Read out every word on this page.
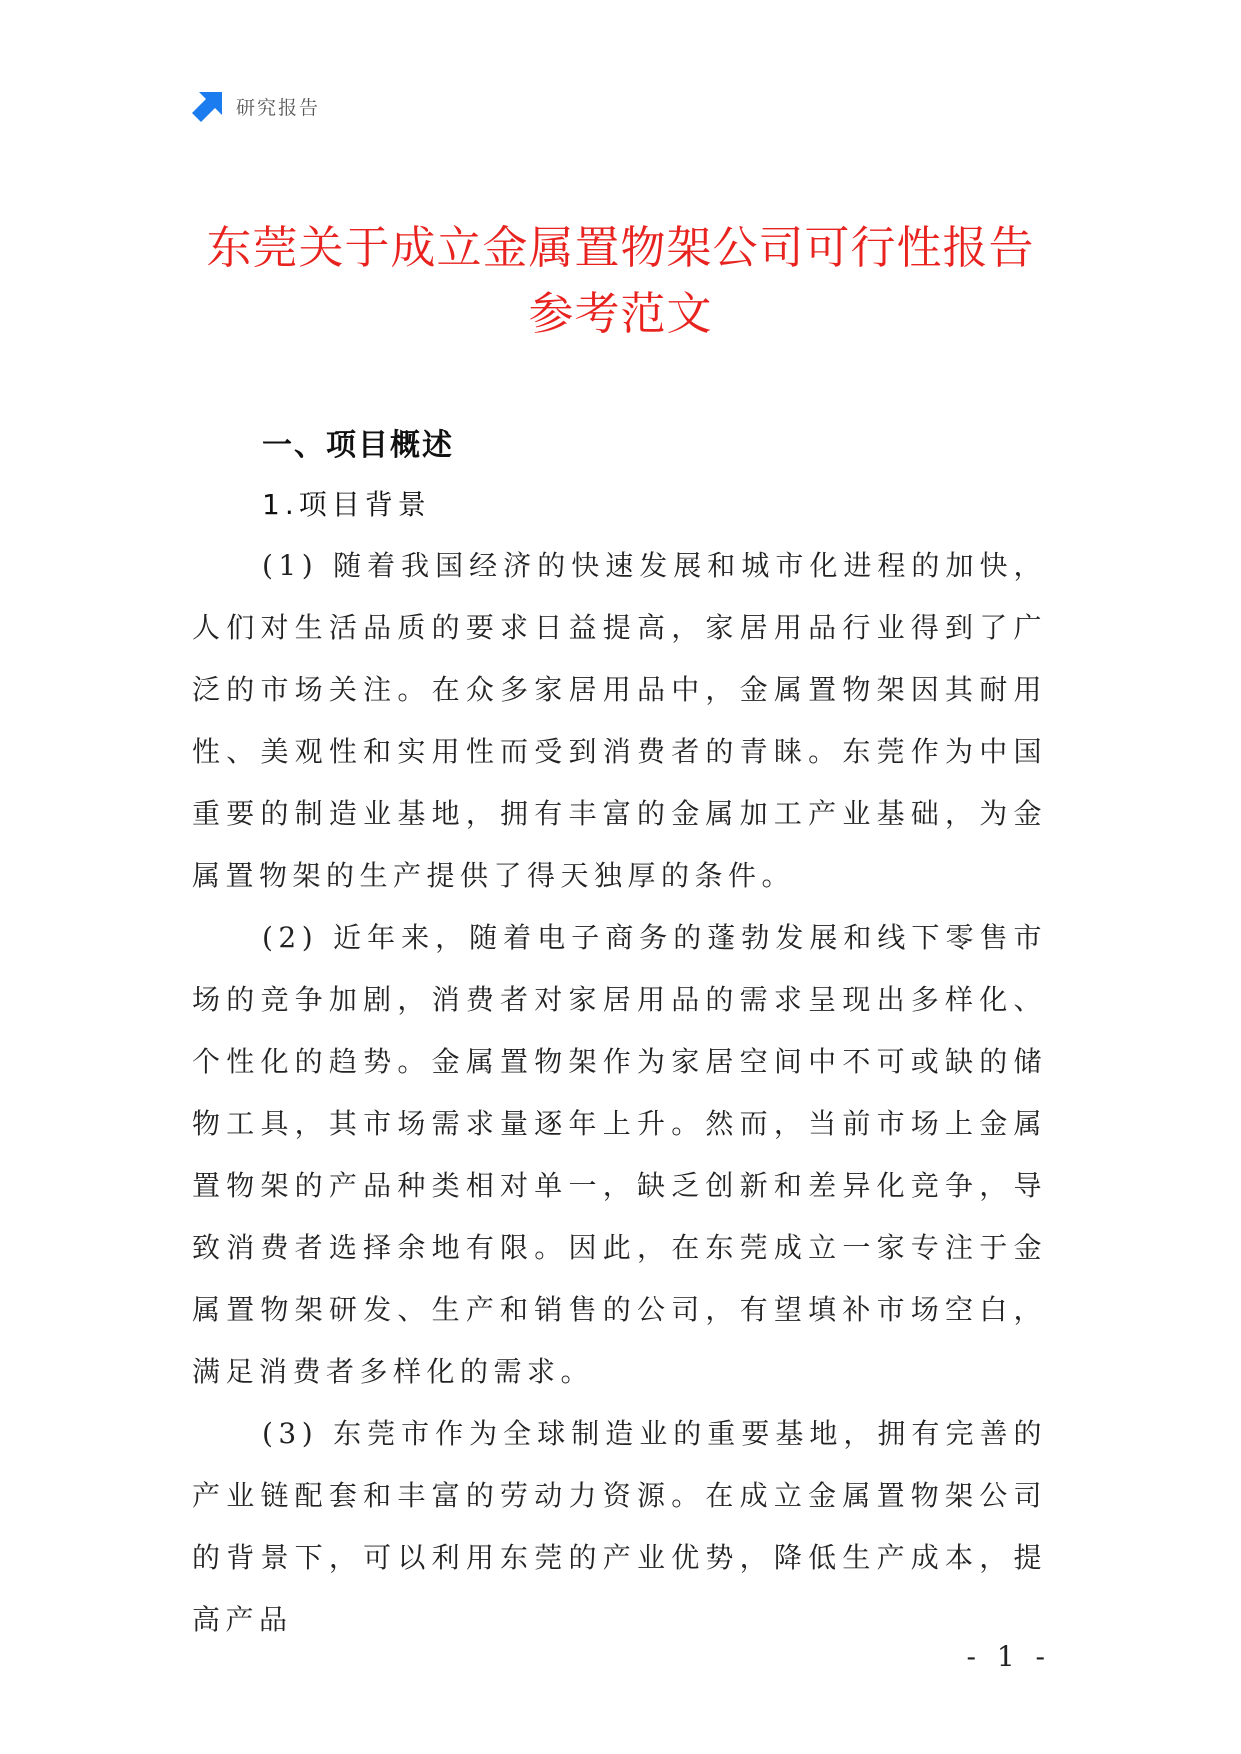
研究报告
东莞关于成立金属置物架公司可行性报告
参考范文
一、项目概述
1.项目背景

(1) 随着我国经济的快速发展和城市化进程的加快，人们对生活品质的要求日益提高，家居用品行业得到了广泛的市场关注。在众多家居用品中，金属置物架因其耐用性、美观性和实用性而受到消费者的青睐。东莞作为中国重要的制造业基地，拥有丰富的金属加工产业基础，为金属置物架的生产提供了得天独厚的条件。

(2) 近年来，随着电子商务的蓬勃发展和线下零售市场的竞争加剧，消费者对家居用品的需求呈现出多样化、个性化的趋势。金属置物架作为家居空间中不可或缺的储物工具，其市场需求量逐年上升。然而，当前市场上金属置物架的产品种类相对单一，缺乏创新和差异化竞争，导致消费者选择余地有限。因此，在东莞成立一家专注于金属置物架研发、生产和销售的公司，有望填补市场空白，满足消费者多样化的需求。

(3) 东莞市作为全球制造业的重要基地，拥有完善的产业链配套和丰富的劳动力资源。在成立金属置物架公司的背景下，可以利用东莞的产业优势，降低生产成本，提高产品

- 1 -
